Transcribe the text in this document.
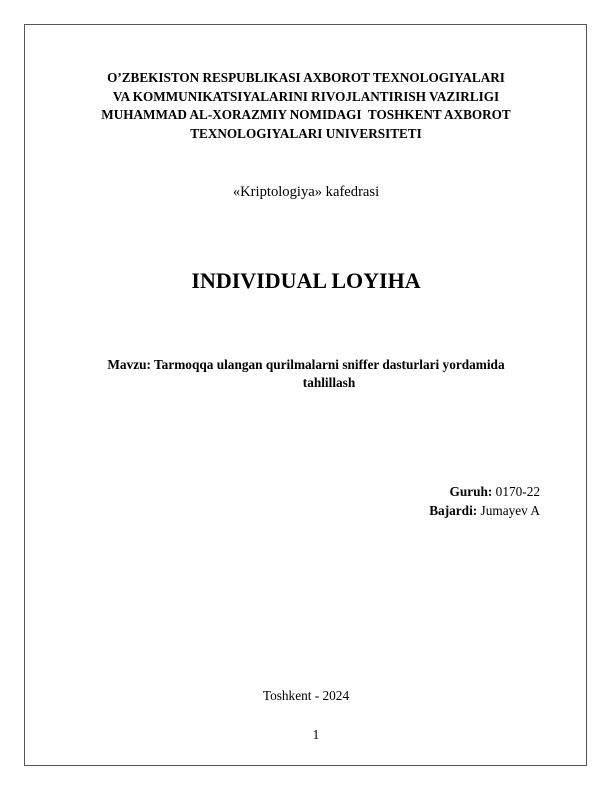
O’ZBEKISTON RESPUBLIKASI AXBOROT TEXNOLOGIYALARI
VA KOMMUNIKATSIYALARINI RIVOJLANTIRISH VAZIRLIGI
MUHAMMAD AL-XORAZMIY NOMIDAGI  TOSHKENT AXBOROT
TEXNOLOGIYALARI UNIVERSITETI
«Kriptologiya» kafedrasi
INDIVIDUAL LOYIHA
Mavzu: Tarmoqqa ulangan qurilmalarni sniffer dasturlari yordamida
tahlillash
Guruh: 0170-22
Bajardi: Jumayev A
Toshkent - 2024
1
